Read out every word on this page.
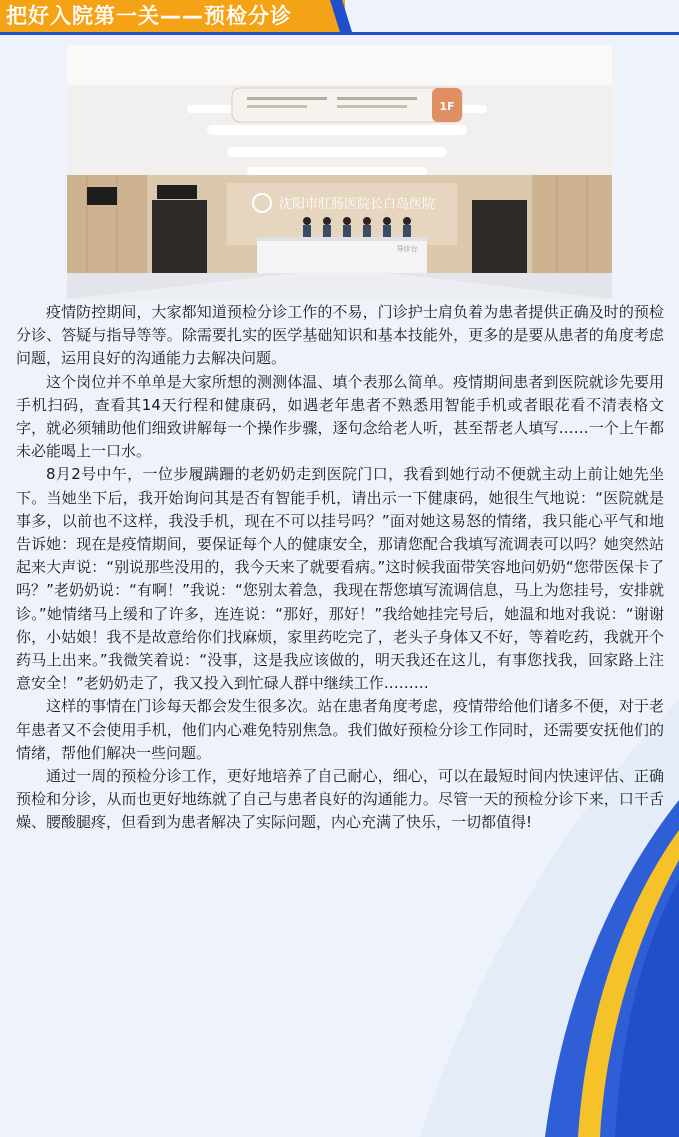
把好入院第一关——预检分诊
1F
沈阳市肛肠医院长白岛医院
导诊台

疫情防控期间，大家都知道预检分诊工作的不易，门诊护士肩负着为患者提供正确及时的预检分诊、答疑与指导等等。除需要扎实的医学基础知识和基本技能外，更多的是要从患者的角度考虑问题，运用良好的沟通能力去解决问题。

这个岗位并不单单是大家所想的测测体温、填个表那么简单。疫情期间患者到医院就诊先要用手机扫码，查看其14天行程和健康码，如遇老年患者不熟悉用智能手机或者眼花看不清表格文字，就必须辅助他们细致讲解每一个操作步骤，逐句念给老人听，甚至帮老人填写……一个上午都未必能喝上一口水。

8月2号中午，一位步履蹒跚的老奶奶走到医院门口，我看到她行动不便就主动上前让她先坐下。当她坐下后，我开始询问其是否有智能手机，请出示一下健康码，她很生气地说：“医院就是事多，以前也不这样，我没手机，现在不可以挂号吗？”面对她这易怒的情绪，我只能心平气和地告诉她：现在是疫情期间，要保证每个人的健康安全，那请您配合我填写流调表可以吗？她突然站起来大声说：“别说那些没用的，我今天来了就要看病。”这时候我面带笑容地问奶奶“您带医保卡了吗？”老奶奶说：“有啊！”我说：“您别太着急，我现在帮您填写流调信息，马上为您挂号，安排就诊。”她情绪马上缓和了许多，连连说：“那好，那好！”我给她挂完号后，她温和地对我说：“谢谢你，小姑娘！我不是故意给你们找麻烦，家里药吃完了，老头子身体又不好，等着吃药，我就开个药马上出来。”我微笑着说：“没事，这是我应该做的，明天我还在这儿，有事您找我，回家路上注意安全！”老奶奶走了，我又投入到忙碌人群中继续工作………

这样的事情在门诊每天都会发生很多次。站在患者角度考虑，疫情带给他们诸多不便，对于老年患者又不会使用手机，他们内心难免特别焦急。我们做好预检分诊工作同时，还需要安抚他们的情绪，帮他们解决一些问题。

通过一周的预检分诊工作，更好地培养了自己耐心，细心，可以在最短时间内快速评估、正确预检和分诊，从而也更好地练就了自己与患者良好的沟通能力。尽管一天的预检分诊下来，口干舌燥、腰酸腿疼，但看到为患者解决了实际问题，内心充满了快乐，一切都值得!
